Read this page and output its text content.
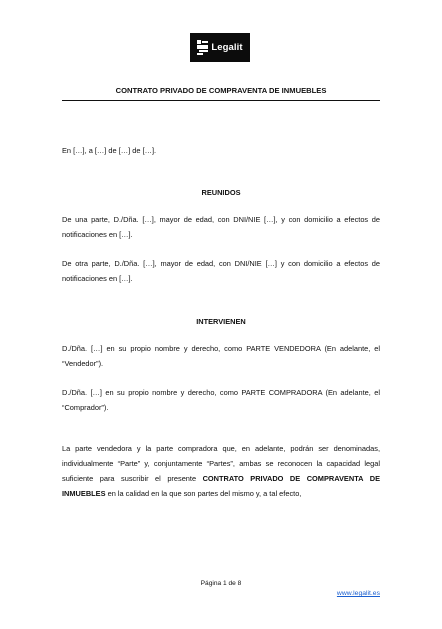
Legalit
CONTRATO PRIVADO DE COMPRAVENTA DE INMUEBLES
En […], a […] de […] de […].
REUNIDOS
De una parte, D./Dña. […], mayor de edad, con DNI/NIE […], y con domicilio a efectos de notificaciones en […].
De otra parte, D./Dña. […], mayor de edad, con DNI/NIE […] y con domicilio a efectos de notificaciones en […].
INTERVIENEN
D./Dña. […] en su propio nombre y derecho, como PARTE VENDEDORA (En adelante, el “Vendedor”).
D./Dña. […] en su propio nombre y derecho, como PARTE COMPRADORA (En adelante, el “Comprador”).
La parte vendedora y la parte compradora que, en adelante, podrán ser denominadas, individualmente “Parte” y, conjuntamente “Partes”, ambas se reconocen la capacidad legal suficiente para suscribir el presente CONTRATO PRIVADO DE COMPRAVENTA DE INMUEBLES en la calidad en la que son partes del mismo y, a tal efecto,
Página 1 de 8
www.legalit.es
